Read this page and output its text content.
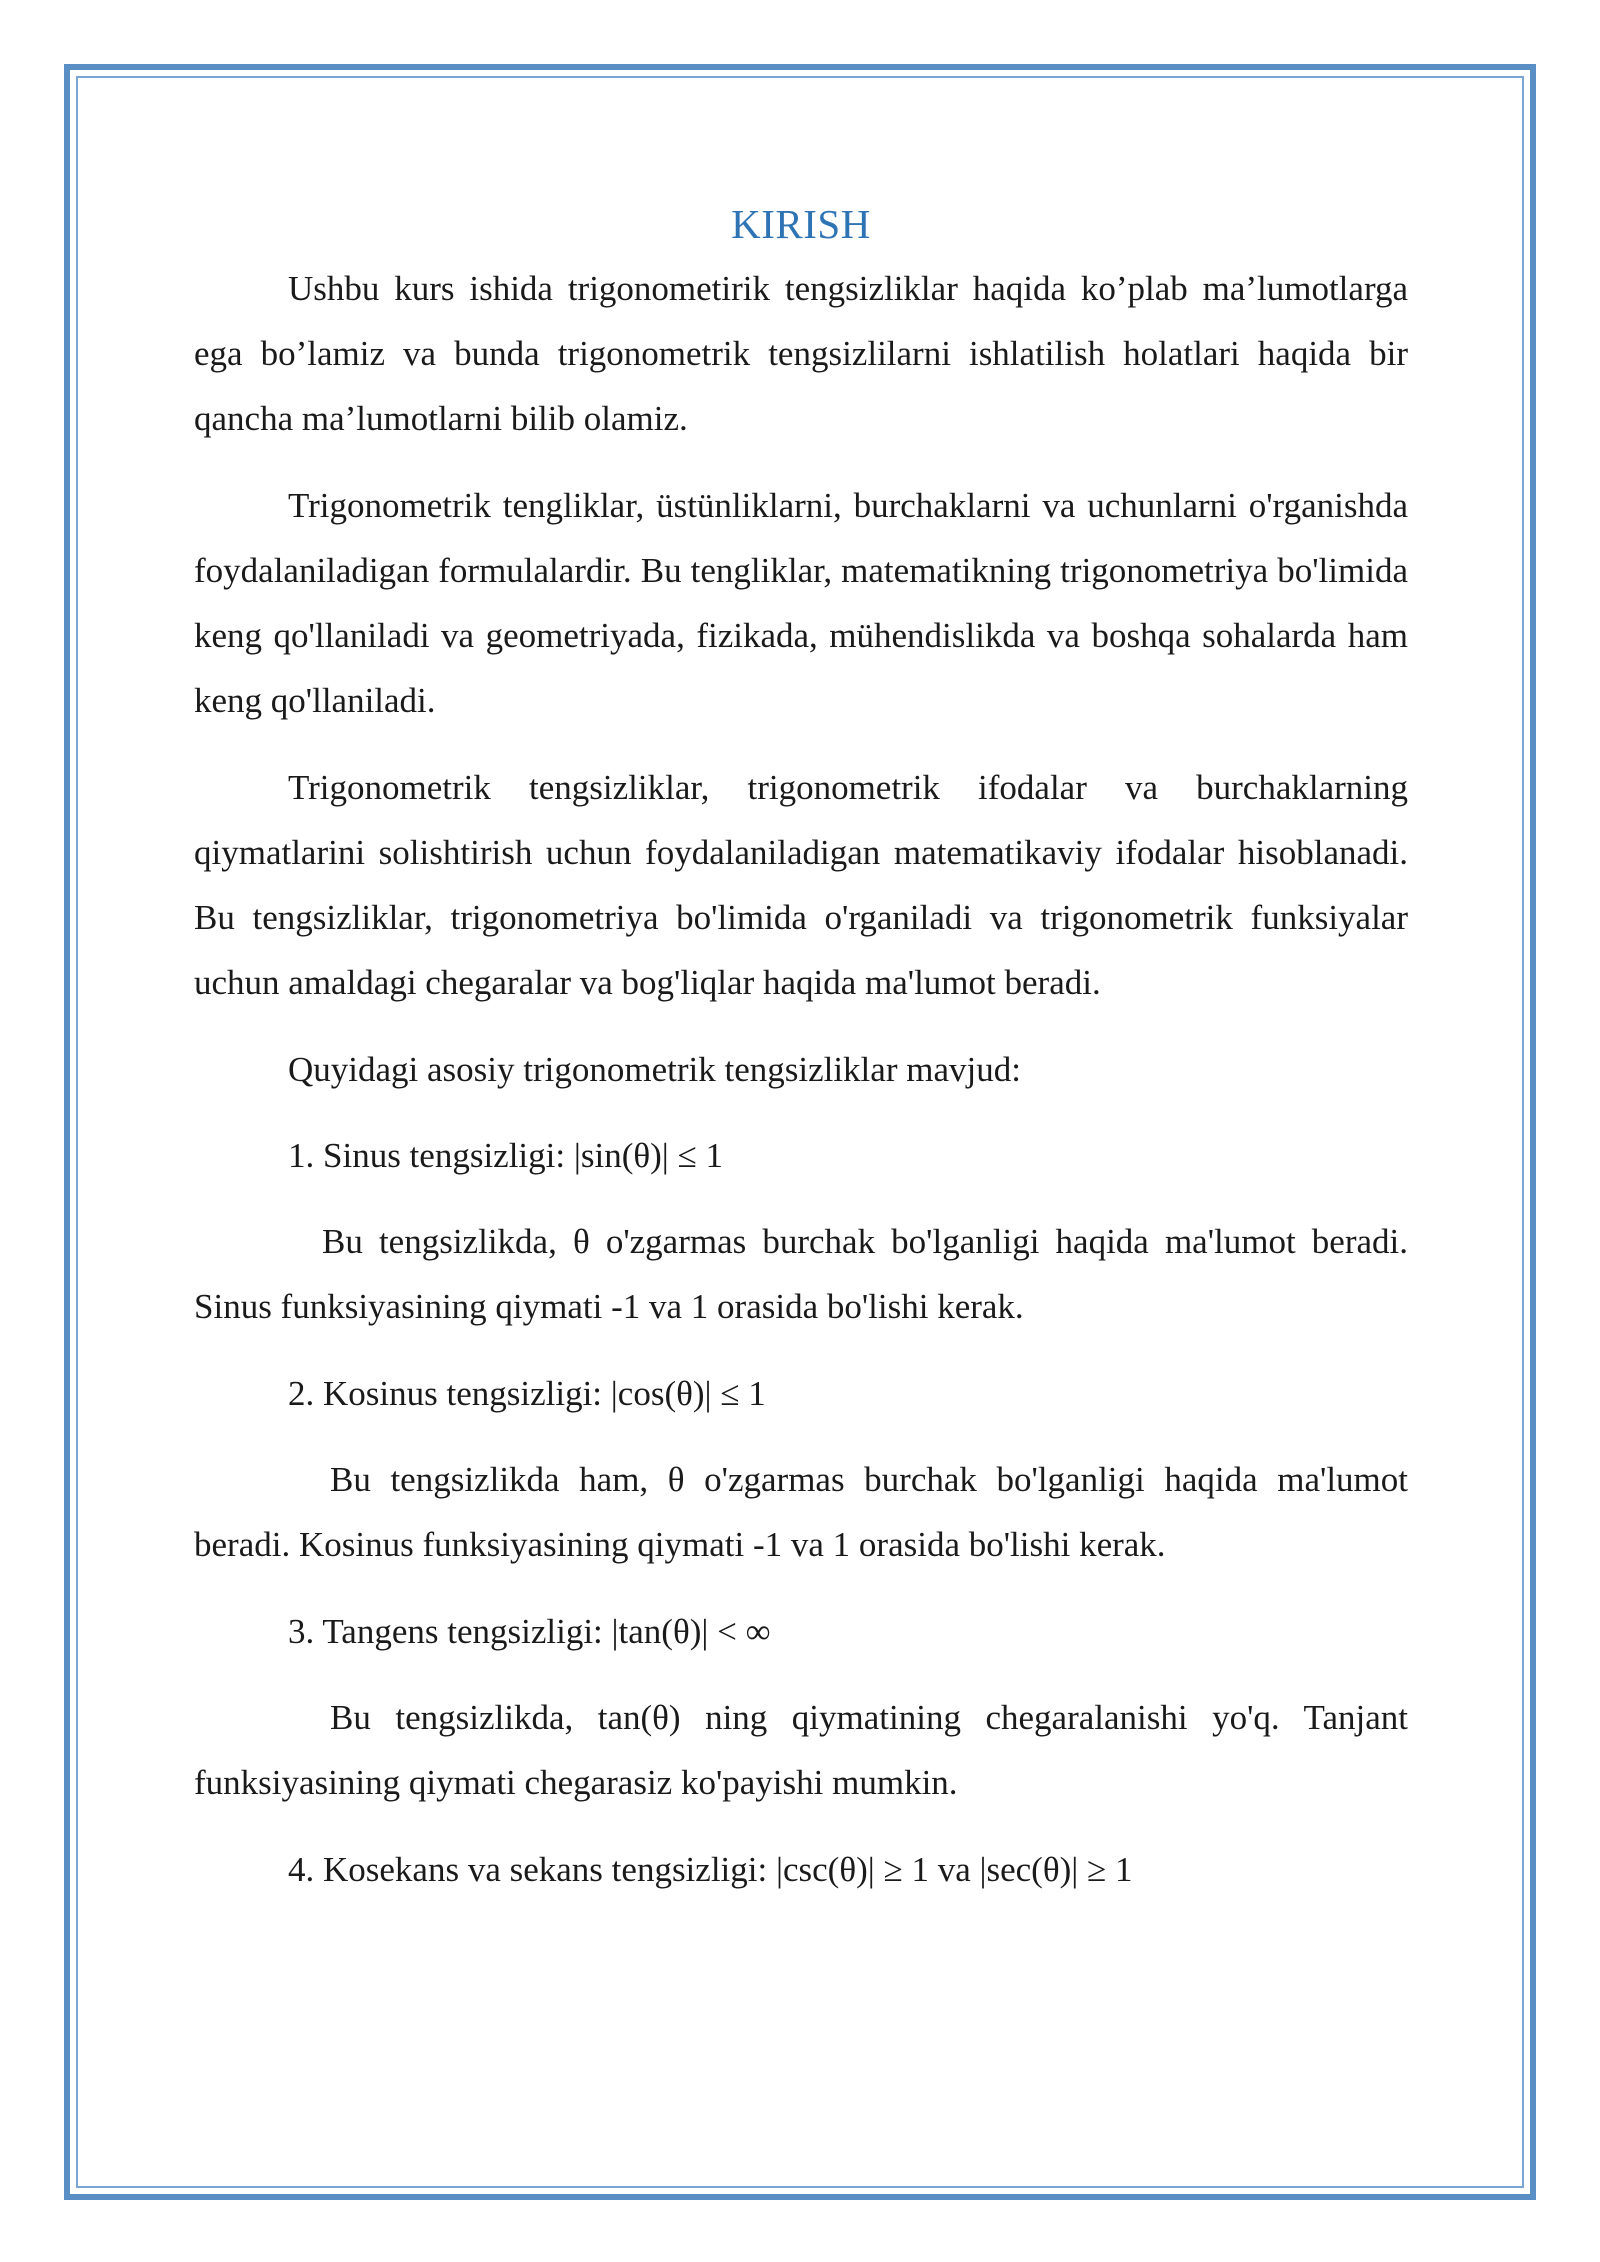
KIRISH

Ushbu kurs ishida trigonometirik tengsizliklar haqida ko’plab ma’lumotlarga ega bo’lamiz va bunda trigonometrik tengsizlilarni ishlatilish holatlari haqida bir qancha ma’lumotlarni bilib olamiz.

Trigonometrik tengliklar, üstünliklarni, burchaklarni va uchunlarni o'rganishda foydalaniladigan formulalardir. Bu tengliklar, matematikning trigonometriya bo'limida keng qo'llaniladi va geometriyada, fizikada, mühendislikda va boshqa sohalarda ham keng qo'llaniladi.

Trigonometrik tengsizliklar, trigonometrik ifodalar va burchaklarning qiymatlarini solishtirish uchun foydalaniladigan matematikaviy ifodalar hisoblanadi. Bu tengsizliklar, trigonometriya bo'limida o'rganiladi va trigonometrik funksiyalar uchun amaldagi chegaralar va bog'liqlar haqida ma'lumot beradi.

Quyidagi asosiy trigonometrik tengsizliklar mavjud:

1. Sinus tengsizligi: |sin(θ)| ≤ 1

Bu tengsizlikda, θ o'zgarmas burchak bo'lganligi haqida ma'lumot beradi. Sinus funksiyasining qiymati -1 va 1 orasida bo'lishi kerak.

2. Kosinus tengsizligi: |cos(θ)| ≤ 1

Bu tengsizlikda ham, θ o'zgarmas burchak bo'lganligi haqida ma'lumot beradi. Kosinus funksiyasining qiymati -1 va 1 orasida bo'lishi kerak.

3. Tangens tengsizligi: |tan(θ)| < ∞

Bu tengsizlikda, tan(θ) ning qiymatining chegaralanishi yo'q. Tanjant funksiyasining qiymati chegarasiz ko'payishi mumkin.

4. Kosekans va sekans tengsizligi: |csc(θ)| ≥ 1 va |sec(θ)| ≥ 1
